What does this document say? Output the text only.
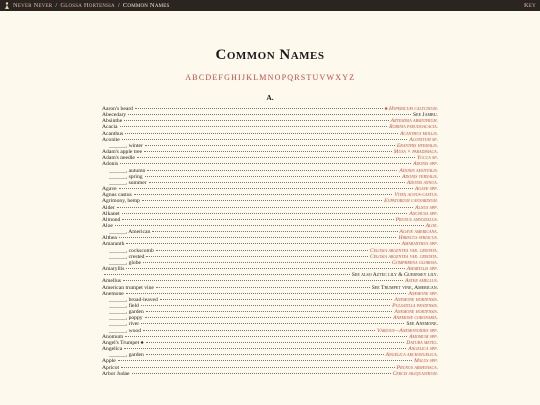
Never Never / Glossa Hortensia / Common Names	Key
Common Names
ABCDEFGHIJKLMNOPQRSTUVWXYZ
A.
Aaron's beard	♠ Hypericum calycinum.
Abecedary	See Jambu.
Absinthe	Artemisia absinthium.
Acacia	Robinia pseudoacacia.
Acanthus	Acanthus mollis.
Aconite	Aconitum sp.
______, winter	Eranthis hyemalis.
Adam's apple tree	Musa × paradisiaca.
Adam's needle	Yucca sp.
Adonis	Adonis spp.
______, autumn	Adonis aestivalis.
______, spring	Adonis vernalis.
______, summer	Adonis annua.
Agave	Agave spp.
Agnus castus	Vitex agnus-castus.
Agrimony, hemp	Eupatorium cannabinum.
Alder	Alnus spp.
Alkanet	Anchusa spp.
Almond	Prunus amygdalus.
Aloe	Aloe.
______, American	Agave americana.
Althea	Hibiscus syriacus.
Amaranth	Amaranthus spp.
______, cockscomb	Celosia argentea var. cristata.
______, crested	Celosia argentea var. cristata.
______, globe	Gomphrena globosa.
Amaryllis	Amaryllis spp.
See also Aztec lily & Guernsey lily.
Amellus	Aster amellus.
American trumpet vine	See Trumpet vine, American.
Anemone	Anemone spp.
______, broad-leaved	Anemone hortensis.
______, field	Pulsatilla pratensis.
______, garden	Anemone hortensis.
______, poppy	Anemone coronaria.
______, river	See Anemone.
______, wood	Various—Anemonoides spp.
Anomum	Amomum spp.
Angel's Trumpet ♠	Datura metel.
Angelica	Angelica spp.
______, garden	Angelica archangelica.
Apple	Malus spp.
Apricot	Prunus armeniaca.
Arbor Judae	Cercis siliquastrum.
